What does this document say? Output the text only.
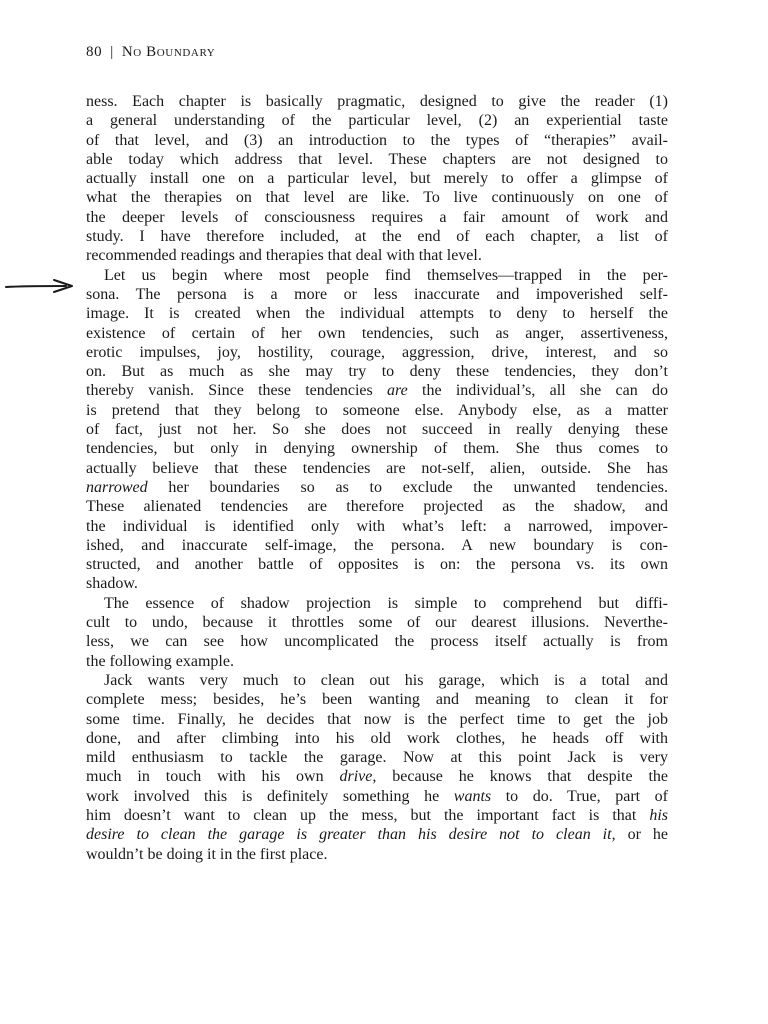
80 | No Boundary
ness. Each chapter is basically pragmatic, designed to give the reader (1)
a general understanding of the particular level, (2) an experiential taste
of that level, and (3) an introduction to the types of “therapies” avail-
able today which address that level. These chapters are not designed to
actually install one on a particular level, but merely to offer a glimpse of
what the therapies on that level are like. To live continuously on one of
the deeper levels of consciousness requires a fair amount of work and
study. I have therefore included, at the end of each chapter, a list of
recommended readings and therapies that deal with that level.
Let us begin where most people find themselves—trapped in the per-
sona. The persona is a more or less inaccurate and impoverished self-
image. It is created when the individual attempts to deny to herself the
existence of certain of her own tendencies, such as anger, assertiveness,
erotic impulses, joy, hostility, courage, aggression, drive, interest, and so
on. But as much as she may try to deny these tendencies, they don’t
thereby vanish. Since these tendencies are the individual’s, all she can do
is pretend that they belong to someone else. Anybody else, as a matter
of fact, just not her. So she does not succeed in really denying these
tendencies, but only in denying ownership of them. She thus comes to
actually believe that these tendencies are not-self, alien, outside. She has
narrowed her boundaries so as to exclude the unwanted tendencies.
These alienated tendencies are therefore projected as the shadow, and
the individual is identified only with what’s left: a narrowed, impover-
ished, and inaccurate self-image, the persona. A new boundary is con-
structed, and another battle of opposites is on: the persona vs. its own
shadow.
The essence of shadow projection is simple to comprehend but diffi-
cult to undo, because it throttles some of our dearest illusions. Neverthe-
less, we can see how uncomplicated the process itself actually is from
the following example.
Jack wants very much to clean out his garage, which is a total and
complete mess; besides, he’s been wanting and meaning to clean it for
some time. Finally, he decides that now is the perfect time to get the job
done, and after climbing into his old work clothes, he heads off with
mild enthusiasm to tackle the garage. Now at this point Jack is very
much in touch with his own drive, because he knows that despite the
work involved this is definitely something he wants to do. True, part of
him doesn’t want to clean up the mess, but the important fact is that his
desire to clean the garage is greater than his desire not to clean it, or he
wouldn’t be doing it in the first place.
